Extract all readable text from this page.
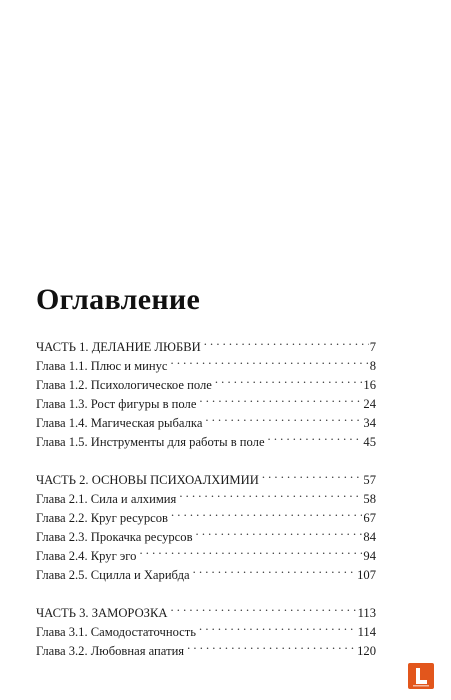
Оглавление
ЧАСТЬ 1. ДЕЛАНИЕ ЛЮБВИ . . .	7
Глава 1.1. Плюс и минус . . .	8
Глава 1.2. Психологическое поле . . .	16
Глава 1.3. Рост фигуры в поле . . .	24
Глава 1.4. Магическая рыбалка . . .	34
Глава 1.5. Инструменты для работы в поле . . .	45
ЧАСТЬ 2. ОСНОВЫ ПСИХОАЛХИМИИ . . .	57
Глава 2.1. Сила и алхимия . . .	58
Глава 2.2. Круг ресурсов . . .	67
Глава 2.3. Прокачка ресурсов . . .	84
Глава 2.4. Круг эго . . .	94
Глава 2.5. Сцилла и Харибда . . .	107
ЧАСТЬ 3. ЗАМОРОЗКА . . .	113
Глава 3.1. Самодостаточность . . .	114
Глава 3.2. Любовная апатия . . .	120
